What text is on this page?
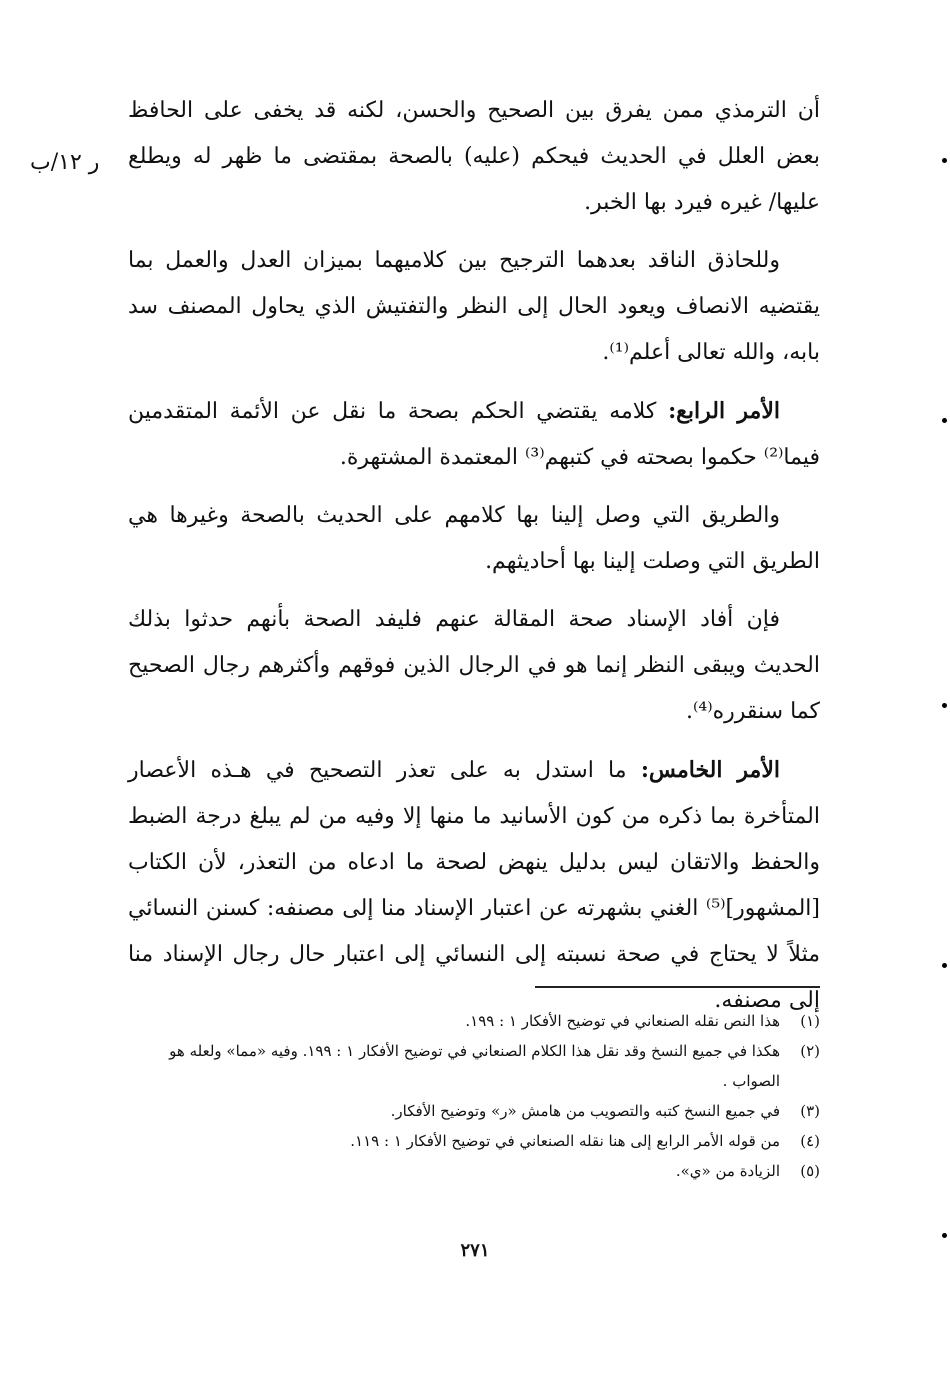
ر ١٢/ب

أن الترمذي ممن يفرق بين الصحيح والحسن، لكنه قد يخفى على الحافظ بعض العلل في الحديث فيحكم (عليه) بالصحة بمقتضى ما ظهر له ويطلع عليها/ غيره فيرد بها الخبر.

وللحاذق الناقد بعدهما الترجيح بين كلاميهما بميزان العدل والعمل بما يقتضيه الانصاف ويعود الحال إلى النظر والتفتيش الذي يحاول المصنف سد بابه، والله تعالى أعلم⁽¹⁾.

الأمر الرابع: كلامه يقتضي الحكم بصحة ما نقل عن الأئمة المتقدمين فيما⁽²⁾ حكموا بصحته في كتبهم⁽³⁾ المعتمدة المشتهرة.

والطريق التي وصل إلينا بها كلامهم على الحديث بالصحة وغيرها هي الطريق التي وصلت إلينا بها أحاديثهم.

فإن أفاد الإسناد صحة المقالة عنهم فليفد الصحة بأنهم حدثوا بذلك الحديث ويبقى النظر إنما هو في الرجال الذين فوقهم وأكثرهم رجال الصحيح كما سنقرره⁽⁴⁾.

الأمر الخامس: ما استدل به على تعذر التصحيح في هـذه الأعصار المتأخرة بما ذكره من كون الأسانيد ما منها إلا وفيه من لم يبلغ درجة الضبط والحفظ والاتقان ليس بدليل ينهض لصحة ما ادعاه من التعذر، لأن الكتاب [المشهور]⁽⁵⁾ الغني بشهرته عن اعتبار الإسناد منا إلى مصنفه: كسنن النسائي مثلاً لا يحتاج في صحة نسبته إلى النسائي إلى اعتبار حال رجال الإسناد منا إلى مصنفه.

(١)
هذا النص نقله الصنعاني في توضيح الأفكار ١ : ١٩٩.
(٢)
هكذا في جميع النسخ وقد نقل هذا الكلام الصنعاني في توضيح الأفكار ١ : ١٩٩. وفيه «مما» ولعله هو الصواب .
(٣)
في جميع النسخ كتبه والتصويب من هامش «ر» وتوضيح الأفكار.
(٤)
من قوله الأمر الرابع إلى هنا نقله الصنعاني في توضيح الأفكار ١ : ١١٩.
(٥)
الزيادة من «ي».
٢٧١
